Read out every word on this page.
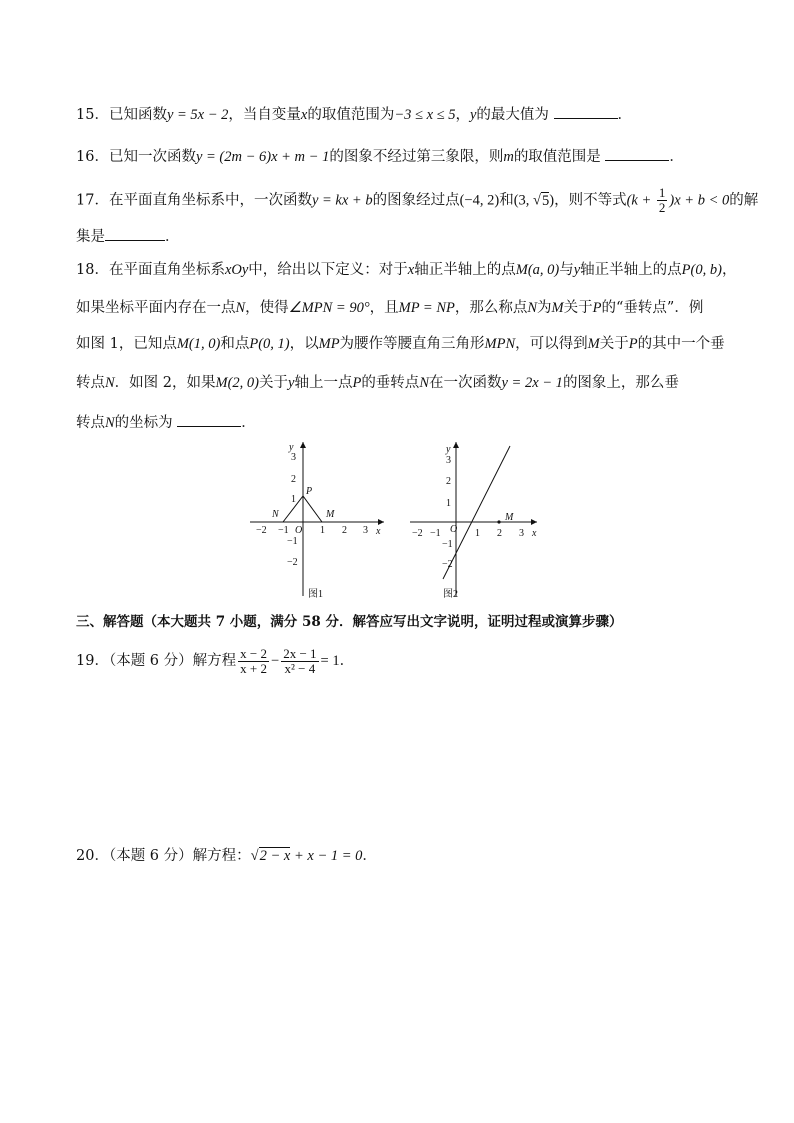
15．已知函数y = 5x − 2，当自变量x的取值范围为−3 ≤ x ≤ 5，y的最大值为	．
16．已知一次函数y = (2m − 6)x + m − 1的图象不经过第三象限，则m的取值范围是	．
17．在平面直角坐标系中，一次函数y = kx + b的图象经过点(−4, 2)和(3, √5)，则不等式$(k + \frac{1}{2} )x + b < 0$的解
集是	．
18．在平面直角坐标系xOy中，给出以下定义：对于x轴正半轴上的点M(a, 0)与y轴正半轴上的点P(0, b)，
如果坐标平面内存在一点N，使得∠MPN = 90°，且MP = NP，那么称点N为M关于P的“垂转点”．例
如图 1，已知点M(1, 0)和点P(0, 1)，以MP为腰作等腰直角三角形MPN，可以得到M关于P的其中一个垂
转点N．如图 2，如果M(2, 0)关于y轴上一点P的垂转点N在一次函数y = 2x − 1的图象上，那么垂
转点N的坐标为	．
y
x
O
−2 −1	1 2 3
3
2
1
−1
−2
P
M
N
图1
y
x
O
−2 −1	1 2 3
3
2
1
−1
−2
M
图2
三、解答题（本大题共 7 小题，满分 58 分．解答应写出文字说明，证明过程或演算步骤）
19．（本题 6 分）解方程 $\frac{x - 2}{x + 2} - \frac{2x - 1}{\text{x² − 4}} = 1$．
20．（本题 6 分）解方程：√2 − x + x − 1 = 0．
